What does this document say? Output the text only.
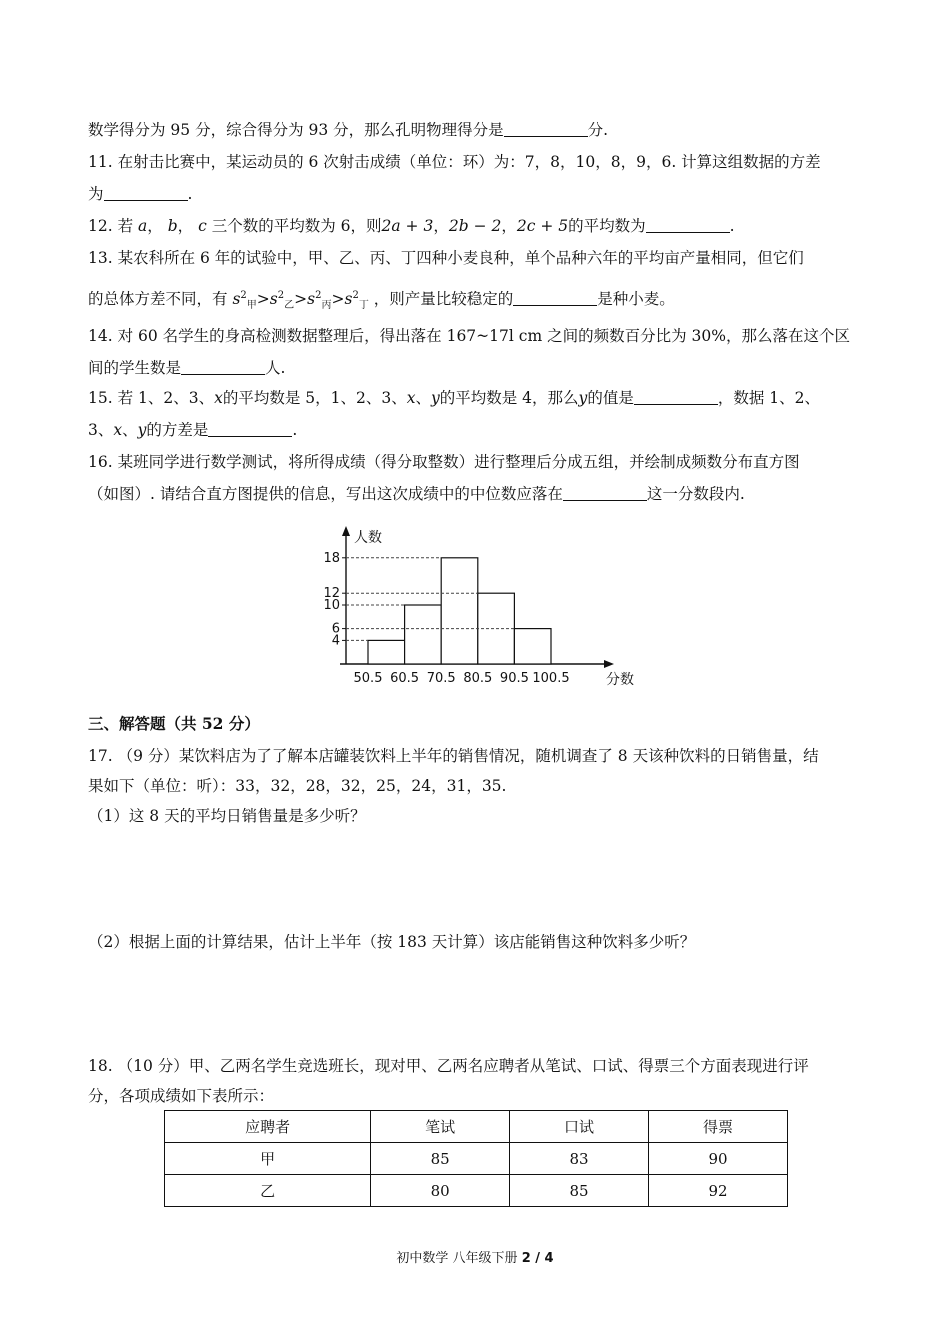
数学得分为 95 分，综合得分为 93 分，那么孔明物理得分是	分.
11. 在射击比赛中，某运动员的 6 次射击成绩（单位：环）为：7，8，10，8，9，6. 计算这组数据的方差
为	.
12. 若 a， b， c 三个数的平均数为 6，则2a + 3，2b − 2，2c + 5的平均数为	.
13. 某农科所在 6 年的试验中，甲、乙、丙、丁四种小麦良种，单个品种六年的平均亩产量相同，但它们
的总体方差不同，有 $s^2_甲>s^2_乙>s^2_丙>s^2_丁$ ，则产量比较稳定的	是种小麦。
14. 对 60 名学生的身高检测数据整理后，得出落在 167~17l cm 之间的频数百分比为 30%，那么落在这个区
间的学生数是	人.
15. 若 1、2、3、x的平均数是 5，1、2、3、x、y的平均数是 4，那么y的值是	，数据 1、2、
3、x、y的方差是	.
16. 某班同学进行数学测试，将所得成绩（得分取整数）进行整理后分成五组，并绘制成频数分布直方图
（如图）. 请结合直方图提供的信息，写出这次成绩中的中位数应落在	这一分数段内.
4
6
10
12
18
50.5 60.5 70.5 80.5 90.5 100.5
人数
分数
三、解答题（共 52 分）
17. （9 分）某饮料店为了了解本店罐装饮料上半年的销售情况，随机调查了 8 天该种饮料的日销售量，结
果如下（单位：听）：33，32，28，32，25，24，31，35.
（1）这 8 天的平均日销售量是多少听？
（2）根据上面的计算结果，估计上半年（按 183 天计算）该店能销售这种饮料多少听？
18. （10 分）甲、乙两名学生竞选班长，现对甲、乙两名应聘者从笔试、口试、得票三个方面表现进行评
分，各项成绩如下表所示：
应聘者	笔试	口试	得票
甲	85	83	90
乙	80	85	92
初中数学 八年级下册 2 / 4
